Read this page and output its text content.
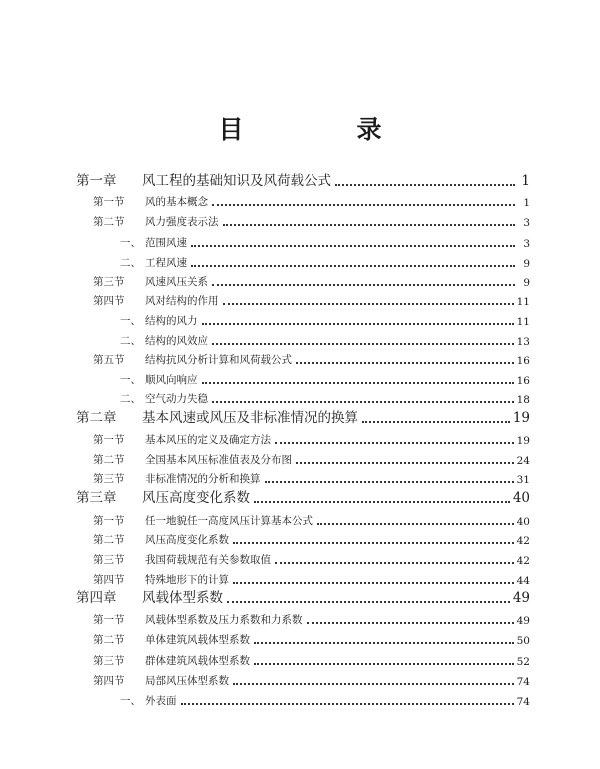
目　录
第一章	风工程的基础知识及风荷载公式	1
第一节	风的基本概念	1
第二节	风力强度表示法	3
一、 范围风速	3
二、 工程风速	9
第三节	风速风压关系	9
第四节	风对结构的作用	11
一、 结构的风力	11
二、 结构的风效应	13
第五节	结构抗风分析计算和风荷载公式	16
一、 顺风向响应	16
二、 空气动力失稳	18
第二章	基本风速或风压及非标准情况的换算	19
第一节	基本风压的定义及确定方法	19
第二节	全国基本风压标准值表及分布图	24
第三节	非标准情况的分析和换算	31
第三章	风压高度变化系数	40
第一节	任一地貌任一高度风压计算基本公式	40
第二节	风压高度变化系数	42
第三节	我国荷载规范有关参数取值	42
第四节	特殊地形下的计算	44
第四章	风载体型系数	49
第一节	风载体型系数及压力系数和力系数	49
第二节	单体建筑风载体型系数	50
第三节	群体建筑风载体型系数	52
第四节	局部风压体型系数	74
一、 外表面	74
